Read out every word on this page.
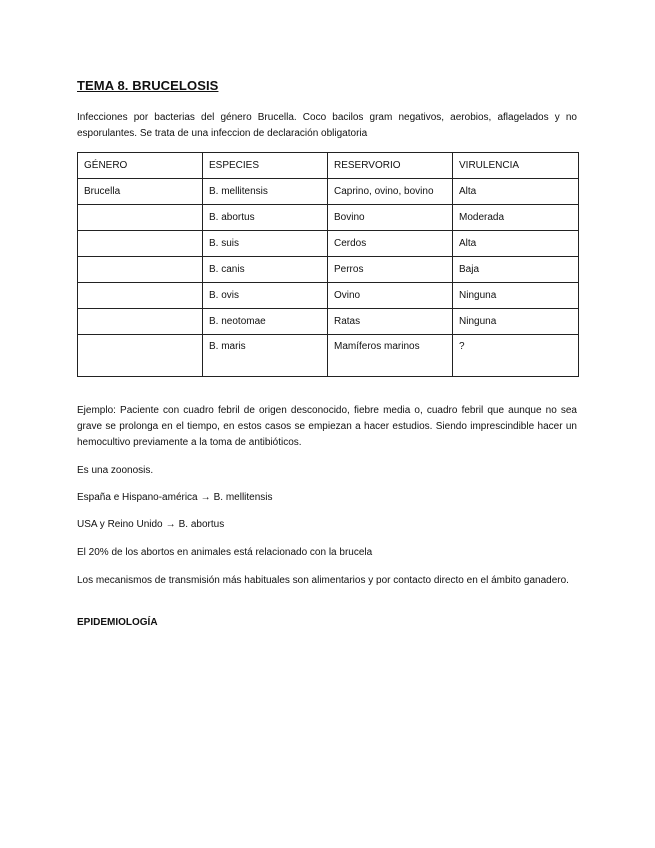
TEMA 8. BRUCELOSIS
Infecciones por bacterias del género Brucella. Coco bacilos gram negativos, aerobios, aflagelados y no esporulantes. Se trata de una infeccion de declaración obligatoria
GÉNERO	ESPECIES	RESERVORIO	VIRULENCIA
Brucella	B. mellitensis	Caprino, ovino, bovino	Alta
	B. abortus	Bovino	Moderada
	B. suis	Cerdos	Alta
	B. canis	Perros	Baja
	B. ovis	Ovino	Ninguna
	B. neotomae	Ratas	Ninguna
	B. maris	Mamíferos marinos	?

Ejemplo: Paciente con cuadro febril de origen desconocido, fiebre media o, cuadro febril que aunque no sea grave se prolonga en el tiempo, en estos casos se empiezan a hacer estudios. Siendo imprescindible hacer un hemocultivo previamente a la toma de antibióticos.

Es una zoonosis.

España e Hispano-américa → B. mellitensis

USA y Reino Unido → B. abortus

El 20% de los abortos en animales está relacionado con la brucela

Los mecanismos de transmisión más habituales son alimentarios y por contacto directo en el ámbito ganadero.

EPIDEMIOLOGÍA
